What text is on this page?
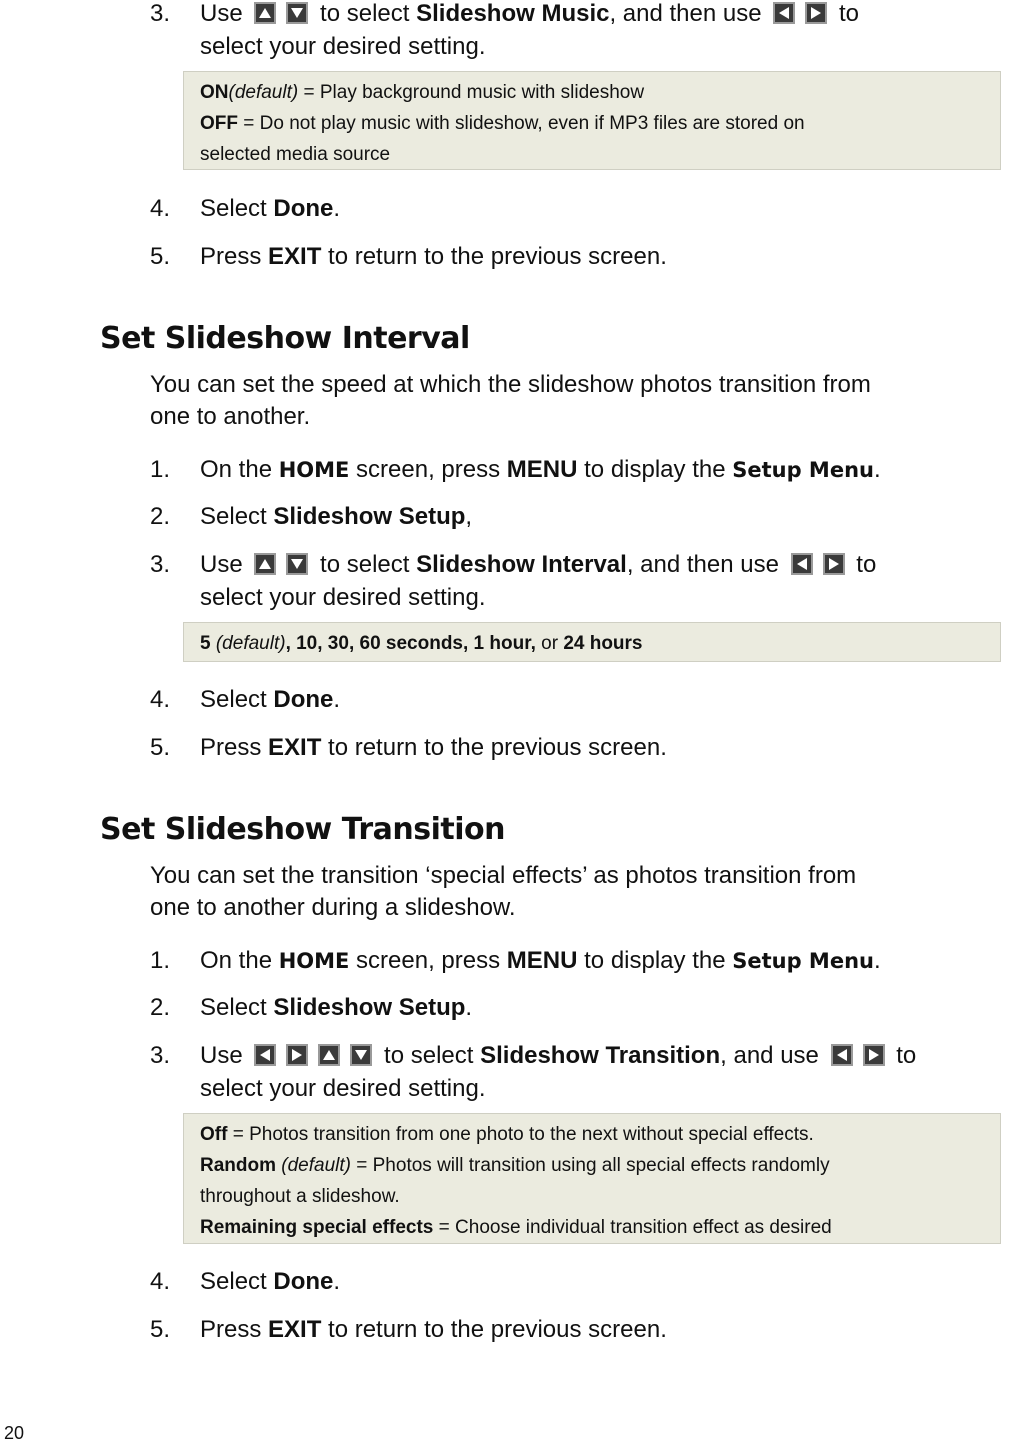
3.	Use	to select Slideshow Music, and then use	to
select your desired setting.
ON(default) = Play background music with slideshow
OFF = Do not play music with slideshow, even if MP3 files are stored on
selected media source
4.	Select Done.
5.	Press EXIT to return to the previous screen.
Set Slideshow Interval
You can set the speed at which the slideshow photos transition from
one to another.
1.	On the HOME screen, press MENU to display the Setup Menu.
2.	Select Slideshow Setup,
3.	Use	to select Slideshow Interval, and then use	to
select your desired setting.
5 (default), 10, 30, 60 seconds, 1 hour, or 24 hours
4.	Select Done.
5.	Press EXIT to return to the previous screen.
Set Slideshow Transition
You can set the transition ‘special effects’ as photos transition from
one to another during a slideshow.
1.	On the HOME screen, press MENU to display the Setup Menu.
2.	Select Slideshow Setup.
3.	Use	to select Slideshow Transition, and use	to
select your desired setting.
Off = Photos transition from one photo to the next without special effects.
Random (default) = Photos will transition using all special effects randomly
throughout a slideshow.
Remaining special effects = Choose individual transition effect as desired
4.	Select Done.
5.	Press EXIT to return to the previous screen.
20
